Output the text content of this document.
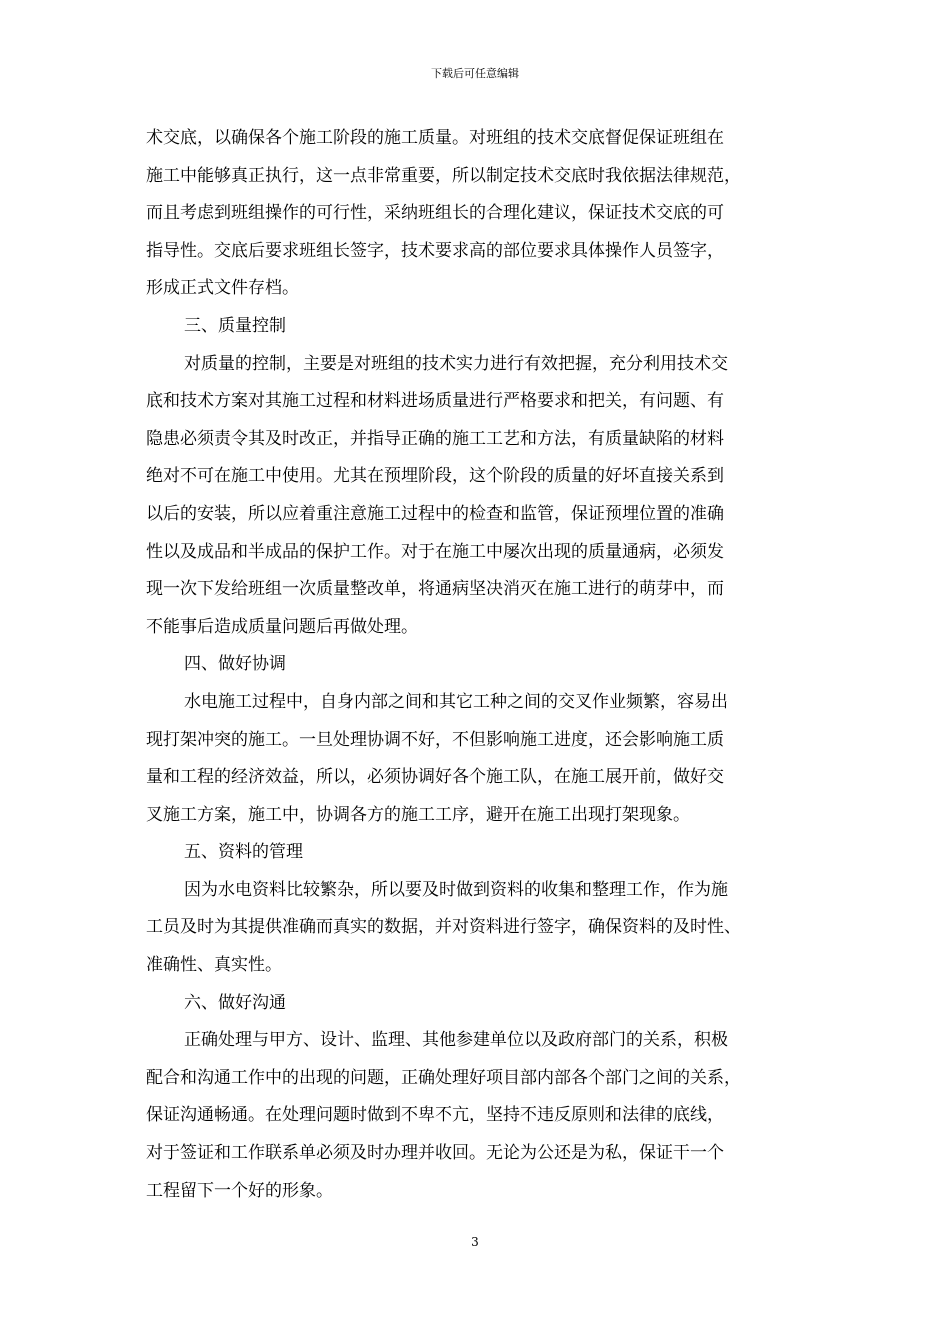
下载后可任意编辑
术交底，以确保各个施工阶段的施工质量。对班组的技术交底督促保证班组在
施工中能够真正执行，这一点非常重要，所以制定技术交底时我依据法律规范，
而且考虑到班组操作的可行性，采纳班组长的合理化建议，保证技术交底的可
指导性。交底后要求班组长签字，技术要求高的部位要求具体操作人员签字，
形成正式文件存档。
三、质量控制
对质量的控制，主要是对班组的技术实力进行有效把握，充分利用技术交
底和技术方案对其施工过程和材料进场质量进行严格要求和把关，有问题、有
隐患必须责令其及时改正，并指导正确的施工工艺和方法，有质量缺陷的材料
绝对不可在施工中使用。尤其在预埋阶段，这个阶段的质量的好坏直接关系到
以后的安装，所以应着重注意施工过程中的检查和监管，保证预埋位置的准确
性以及成品和半成品的保护工作。对于在施工中屡次出现的质量通病，必须发
现一次下发给班组一次质量整改单，将通病坚决消灭在施工进行的萌芽中，而
不能事后造成质量问题后再做处理。
四、做好协调
水电施工过程中，自身内部之间和其它工种之间的交叉作业频繁，容易出
现打架冲突的施工。一旦处理协调不好，不但影响施工进度，还会影响施工质
量和工程的经济效益，所以，必须协调好各个施工队，在施工展开前，做好交
叉施工方案，施工中，协调各方的施工工序，避开在施工出现打架现象。
五、资料的管理
因为水电资料比较繁杂，所以要及时做到资料的收集和整理工作，作为施
工员及时为其提供准确而真实的数据，并对资料进行签字，确保资料的及时性、
准确性、真实性。
六、做好沟通
正确处理与甲方、设计、监理、其他参建单位以及政府部门的关系，积极
配合和沟通工作中的出现的问题，正确处理好项目部内部各个部门之间的关系，
保证沟通畅通。在处理问题时做到不卑不亢，坚持不违反原则和法律的底线，
对于签证和工作联系单必须及时办理并收回。无论为公还是为私，保证干一个
工程留下一个好的形象。
3
